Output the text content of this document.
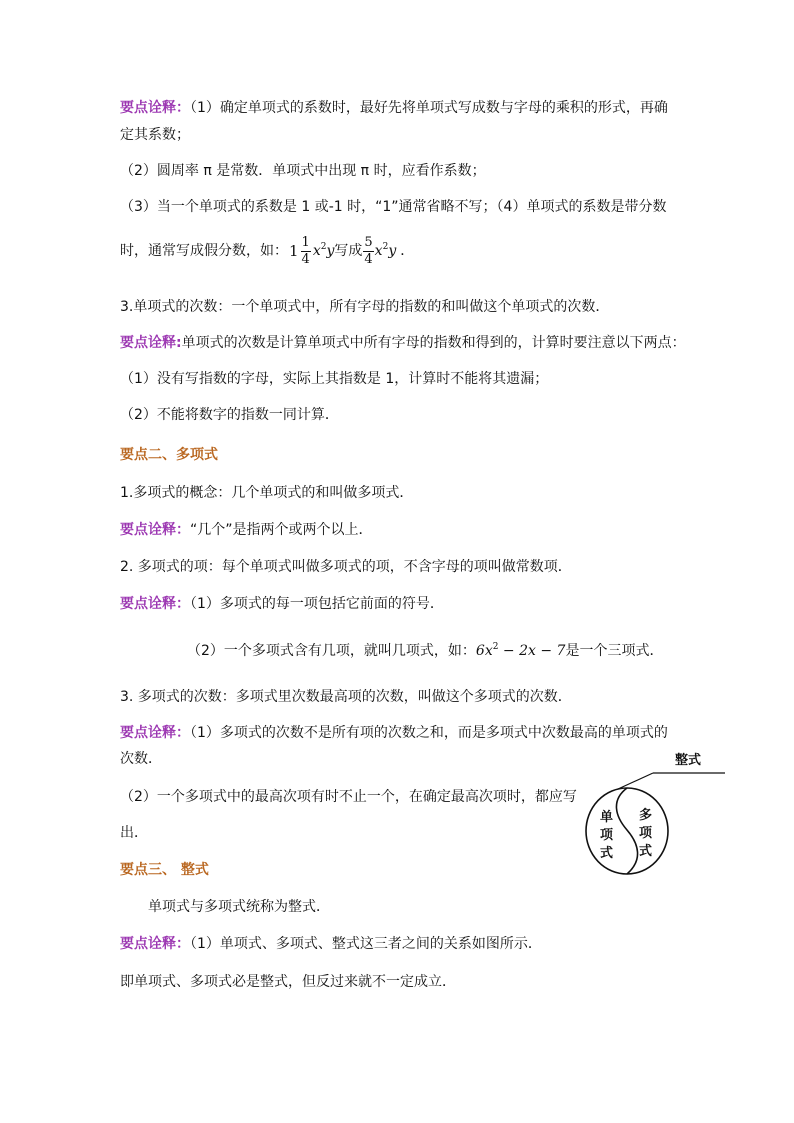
要点诠释：（1）确定单项式的系数时，最好先将单项式写成数与字母的乘积的形式，再确
定其系数；
（2）圆周率 π 是常数．单项式中出现 π 时，应看作系数；
（3）当一个单项式的系数是 1 或-1 时，“1”通常省略不写；（4）单项式的系数是带分数
时，通常写成假分数，如： $1 \frac{1}{4} x^2y$ 写成 $\frac{5}{4} x^2y$ ．
3.单项式的次数：一个单项式中，所有字母的指数的和叫做这个单项式的次数．
要点诠释:单项式的次数是计算单项式中所有字母的指数和得到的，计算时要注意以下两点：
（1）没有写指数的字母，实际上其指数是 1，计算时不能将其遗漏；
（2）不能将数字的指数一同计算．
要点二、多项式
1.多项式的概念：几个单项式的和叫做多项式．
要点诠释：“几个”是指两个或两个以上．
2. 多项式的项：每个单项式叫做多项式的项，不含字母的项叫做常数项．
要点诠释：（1）多项式的每一项包括它前面的符号．
（2）一个多项式含有几项，就叫几项式，如：$6x^2 - 2x - 7$是一个三项式．
3. 多项式的次数：多项式里次数最高项的次数，叫做这个多项式的次数．
要点诠释：（1）多项式的次数不是所有项的次数之和，而是多项式中次数最高的单项式的
次数．
（2）一个多项式中的最高次项有时不止一个，在确定最高次项时，都应写
出．
要点三、 整式
单项式与多项式统称为整式．
要点诠释：（1）单项式、多项式、整式这三者之间的关系如图所示．
即单项式、多项式必是整式，但反过来就不一定成立．
整式
单
项
式
多
项
式
